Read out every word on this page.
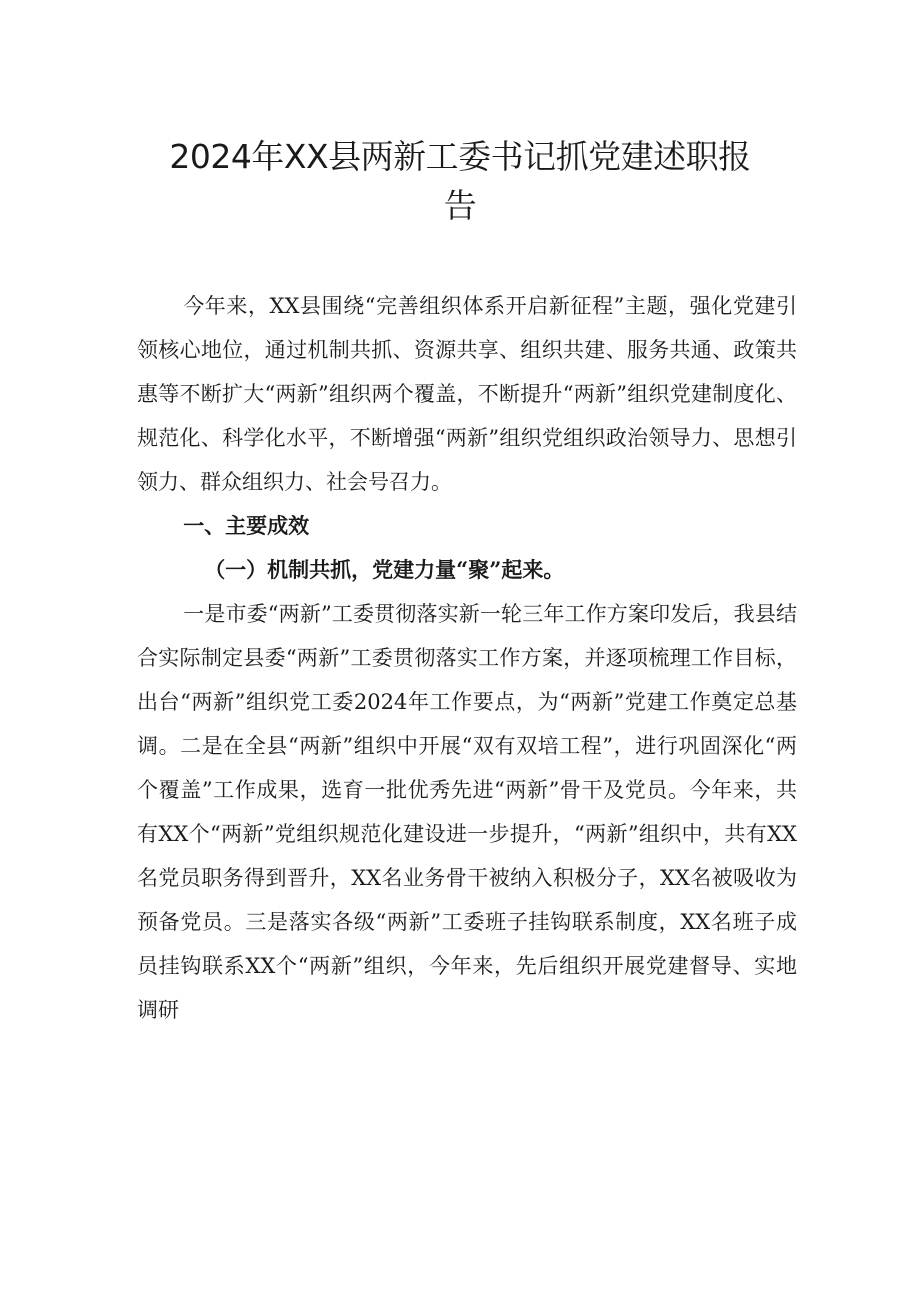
2024年XX县两新工委书记抓党建述职报
告

今年来，XX县围绕“完善组织体系开启新征程”主题，强化党建引领核心地位，通过机制共抓、资源共享、组织共建、服务共通、政策共惠等不断扩大“两新”组织两个覆盖，不断提升“两新”组织党建制度化、规范化、科学化水平，不断增强“两新”组织党组织政治领导力、思想引领力、群众组织力、社会号召力。

一、主要成效

（一）机制共抓，党建力量“聚”起来。

一是市委“两新”工委贯彻落实新一轮三年工作方案印发后，我县结合实际制定县委“两新”工委贯彻落实工作方案，并逐项梳理工作目标，出台“两新”组织党工委2024年工作要点，为“两新”党建工作奠定总基调。二是在全县“两新”组织中开展“双有双培工程”，进行巩固深化“两个覆盖”工作成果，选育一批优秀先进“两新”骨干及党员。今年来，共有XX个“两新”党组织规范化建设进一步提升，“两新”组织中，共有XX名党员职务得到晋升，XX名业务骨干被纳入积极分子，XX名被吸收为预备党员。三是落实各级“两新”工委班子挂钩联系制度，XX名班子成员挂钩联系XX个“两新”组织，今年来，先后组织开展党建督导、实地调研
